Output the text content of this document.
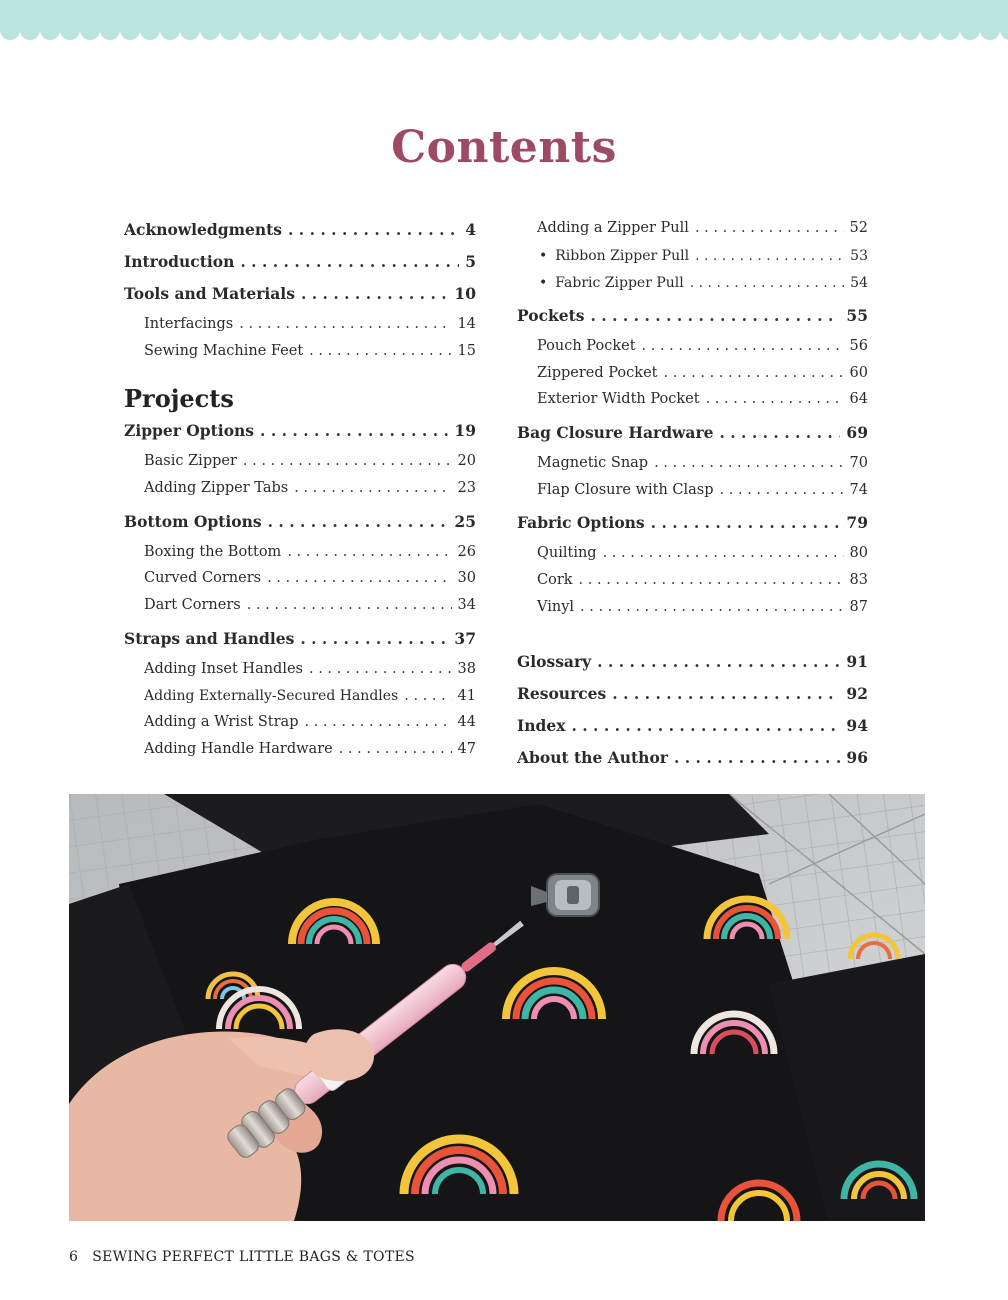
Contents
Acknowledgments . . .	4
Introduction . . .	5
Tools and Materials . . .	10
Interfacings . . .	14
Sewing Machine Feet . . .	15
Projects
Zipper Options . . .	19
Basic Zipper . . .	20
Adding Zipper Tabs . . .	23
Bottom Options . . .	25
Boxing the Bottom . . .	26
Curved Corners . . .	30
Dart Corners . . .	34
Straps and Handles . . .	37
Adding Inset Handles . . .	38
Adding Externally-Secured Handles . . .	41
Adding a Wrist Strap . . .	44
Adding Handle Hardware . . .	47
Adding a Zipper Pull . . .	52
• Ribbon Zipper Pull . . .	53
• Fabric Zipper Pull . . .	54
Pockets . . .	55
Pouch Pocket . . .	56
Zippered Pocket . . .	60
Exterior Width Pocket . . .	64
Bag Closure Hardware . . .	69
Magnetic Snap . . .	70
Flap Closure with Clasp . . .	74
Fabric Options . . .	79
Quilting . . .	80
Cork . . .	83
Vinyl . . .	87
Glossary . . .	91
Resources . . .	92
Index . . .	94
About the Author . . .	96
6 SEWING PERFECT LITTLE BAGS & TOTES
